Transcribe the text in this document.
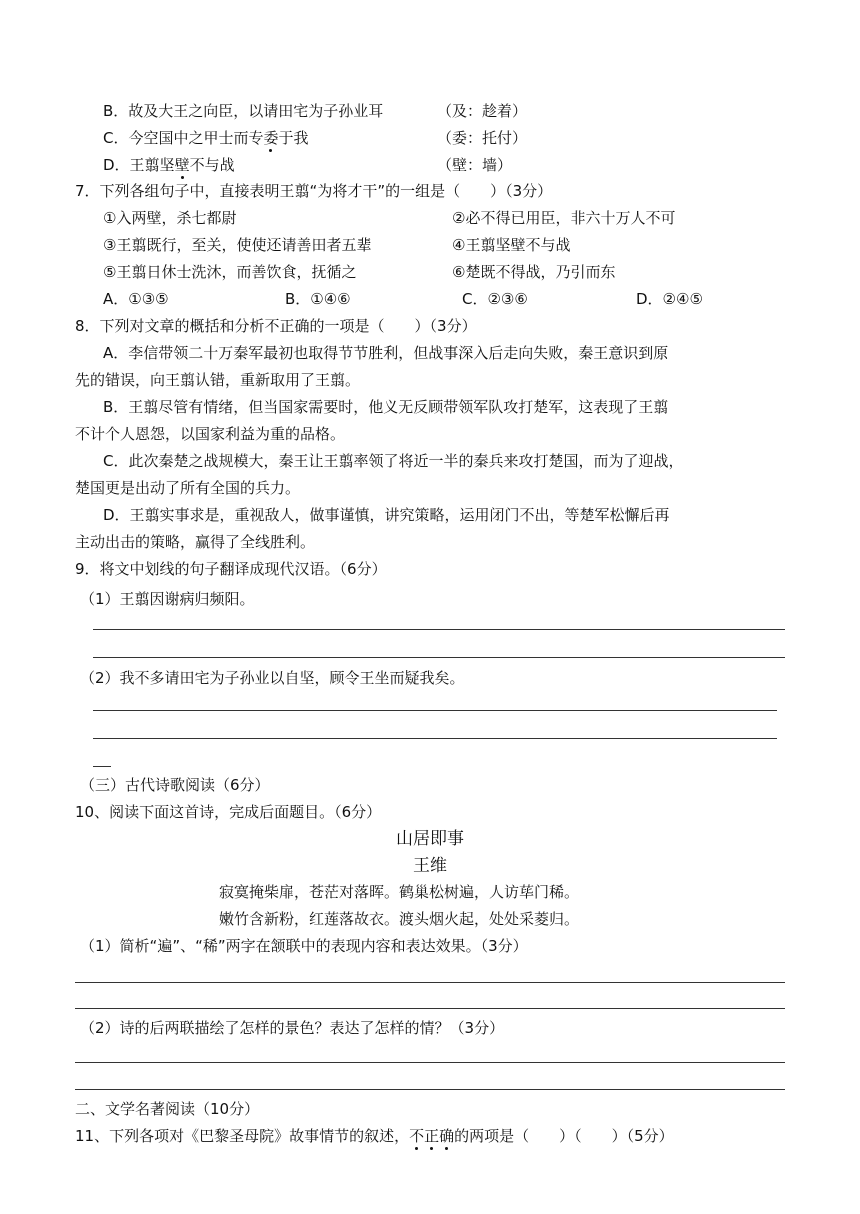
B．故及大王之向臣，以请田宅为子孙业耳	（及：趁着）
C．今空国中之甲士而专委于我	（委：托付）
D．王翦坚壁不与战	（壁：墙）
7．下列各组句子中，直接表明王翦“为将才干”的一组是（　　）（3分）
①入两壁，杀七都尉	②必不得已用臣，非六十万人不可
③王翦既行，至关，使使还请善田者五辈	④王翦坚壁不与战
⑤王翦日休士洗沐，而善饮食，抚循之	⑥楚既不得战，乃引而东
A．①③⑤	B．①④⑥	C．②③⑥	D．②④⑤
8．下列对文章的概括和分析不正确的一项是（　　）（3分）
A．李信带领二十万秦军最初也取得节节胜利，但战事深入后走向失败，秦王意识到原
先的错误，向王翦认错，重新取用了王翦。
B．王翦尽管有情绪，但当国家需要时，他义无反顾带领军队攻打楚军，这表现了王翦
不计个人恩怨，以国家利益为重的品格。
C．此次秦楚之战规模大，秦王让王翦率领了将近一半的秦兵来攻打楚国，而为了迎战，
楚国更是出动了所有全国的兵力。
D．王翦实事求是，重视敌人，做事谨慎，讲究策略，运用闭门不出，等楚军松懈后再
主动出击的策略，赢得了全线胜利。
9．将文中划线的句子翻译成现代汉语。（6分）
（1）王翦因谢病归频阳。
（2）我不多请田宅为子孙业以自坚，顾令王坐而疑我矣。
（三）古代诗歌阅读（6分）
10、阅读下面这首诗，完成后面题目。（6分）
山居即事
王维
寂寞掩柴扉，苍茫对落晖。鹤巢松树遍，人访荜门稀。
嫩竹含新粉，红莲落故衣。渡头烟火起，处处采菱归。
（1）简析“遍”、“稀”两字在颔联中的表现内容和表达效果。（3分）
（2）诗的后两联描绘了怎样的景色？表达了怎样的情？（3分）
二、文学名著阅读（10分）
11、下列各项对《巴黎圣母院》故事情节的叙述，不正确的两项是（　　）（　　）（5分）
